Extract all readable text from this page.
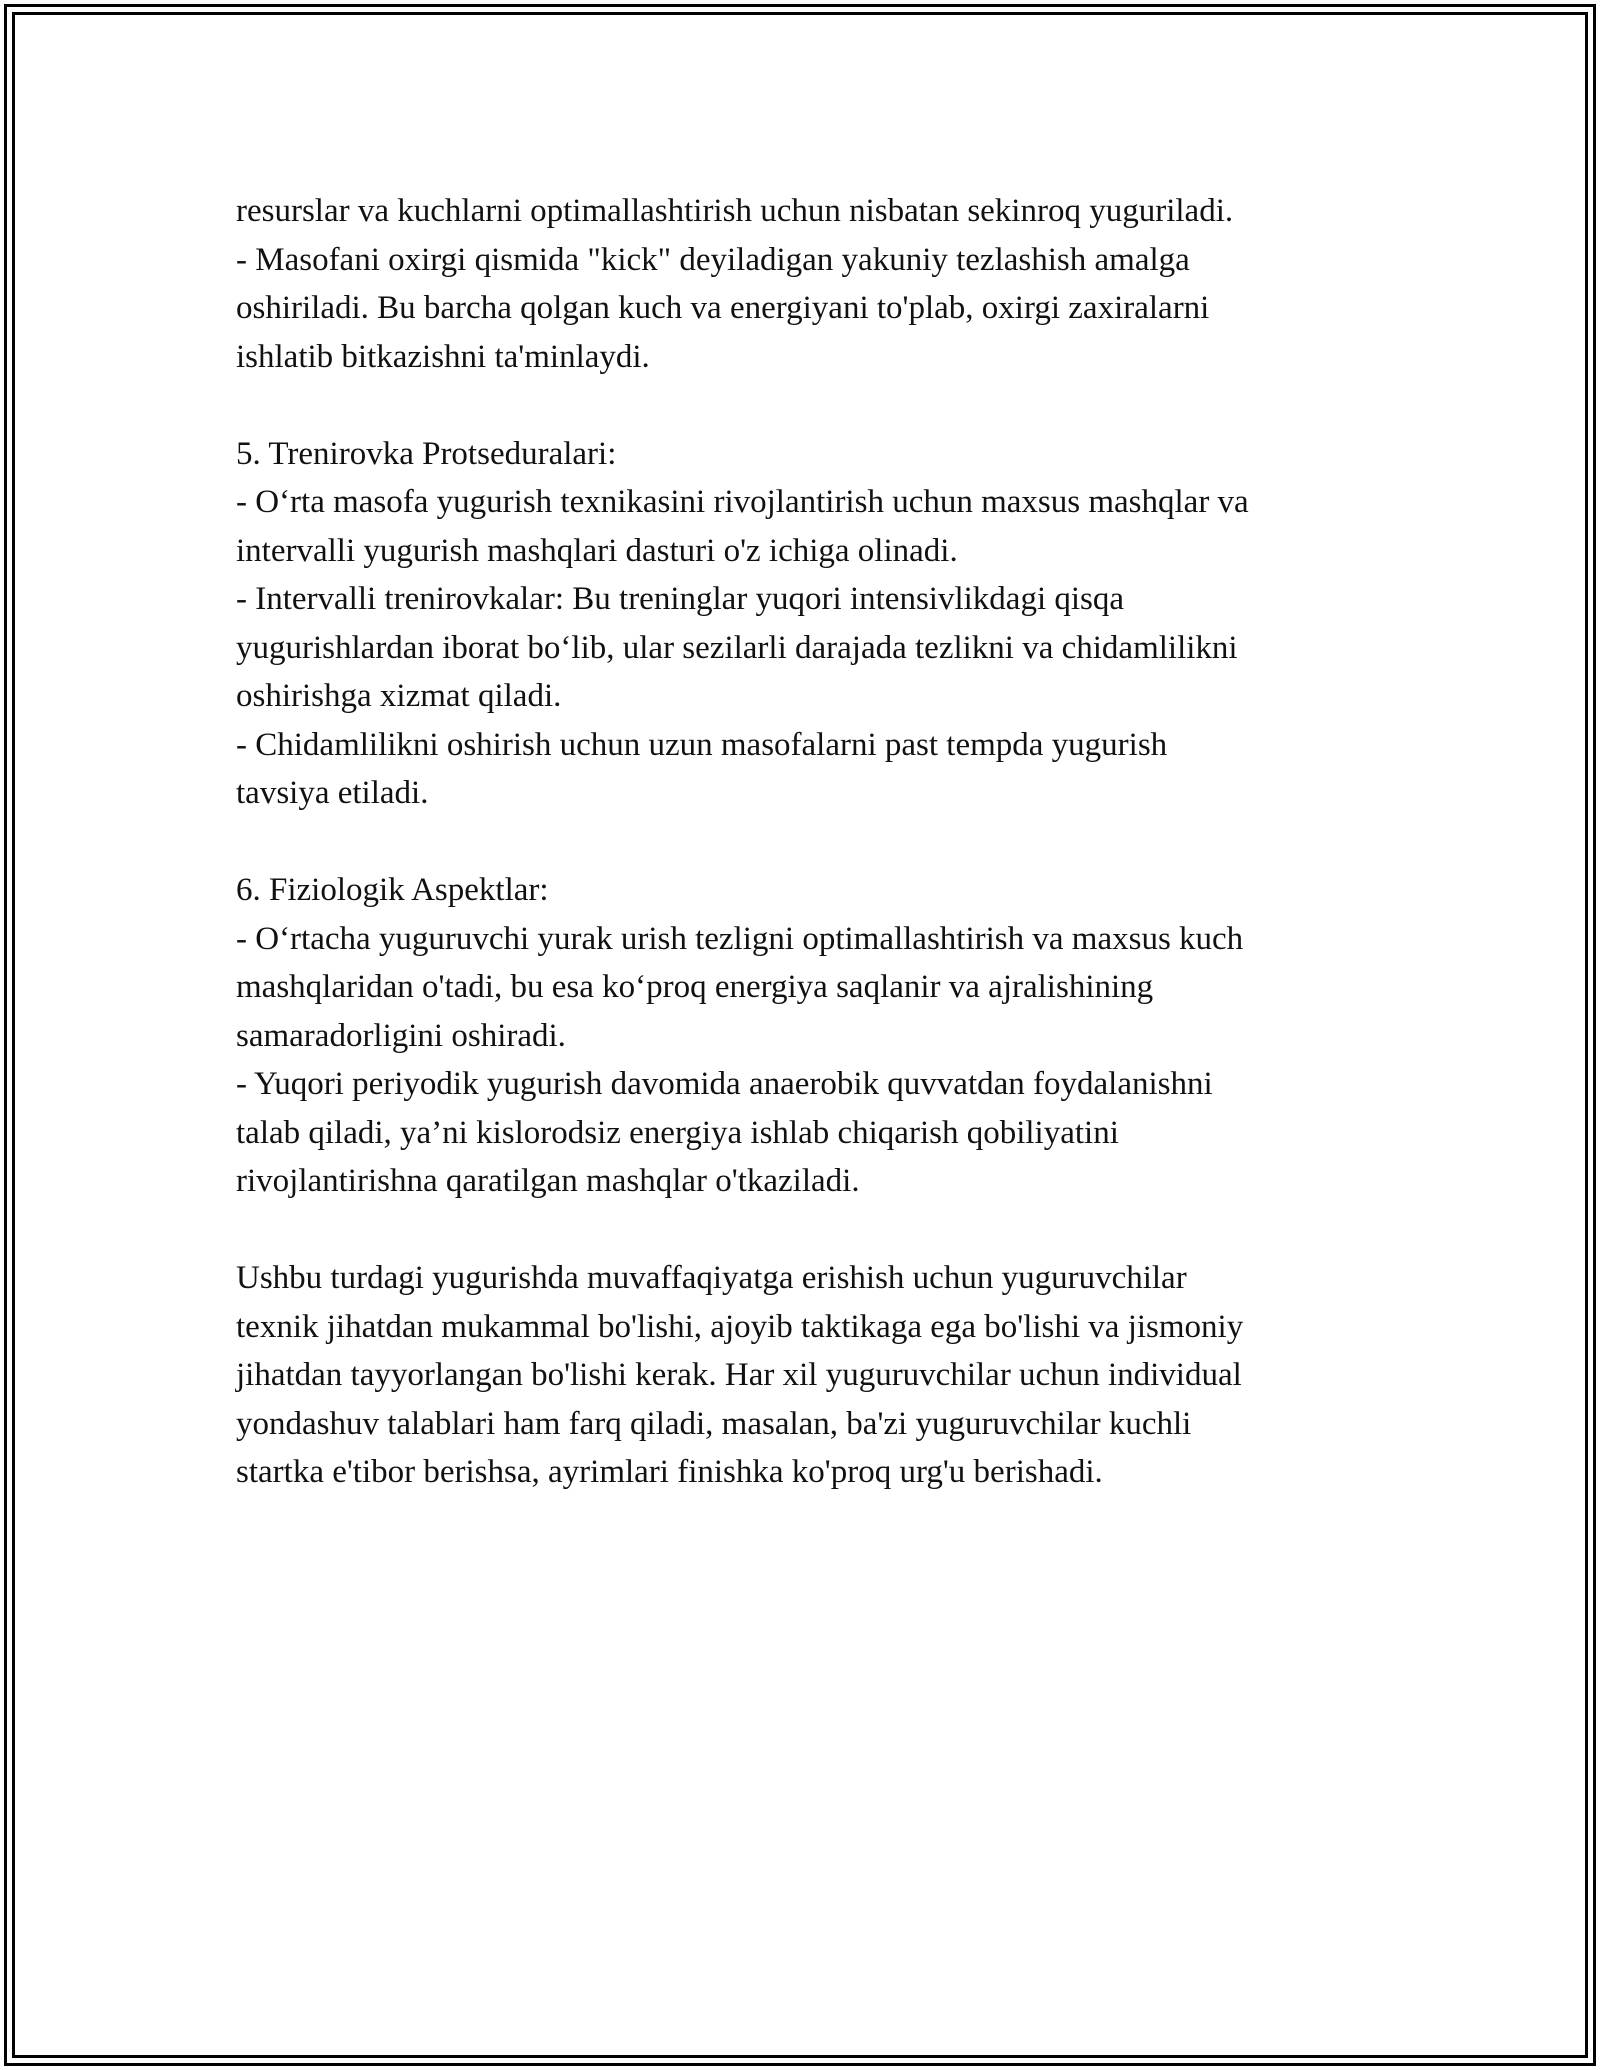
resurslar va kuchlarni optimallashtirish uchun nisbatan sekinroq yuguriladi.

- Masofani oxirgi qismida "kick" deyiladigan yakuniy tezlashish amalga

oshiriladi. Bu barcha qolgan kuch va energiyani to'plab, oxirgi zaxiralarni

ishlatib bitkazishni ta'minlaydi.

5. Trenirovka Protseduralari:

- Oʻrta masofa yugurish texnikasini rivojlantirish uchun maxsus mashqlar va

intervalli yugurish mashqlari dasturi o'z ichiga olinadi.

- Intervalli trenirovkalar: Bu treninglar yuqori intensivlikdagi qisqa

yugurishlardan iborat boʻlib, ular sezilarli darajada tezlikni va chidamlilikni

oshirishga xizmat qiladi.

- Chidamlilikni oshirish uchun uzun masofalarni past tempda yugurish

tavsiya etiladi.

6. Fiziologik Aspektlar:

- Oʻrtacha yuguruvchi yurak urish tezligni optimallashtirish va maxsus kuch

mashqlaridan o'tadi, bu esa koʻproq energiya saqlanir va ajralishining

samaradorligini oshiradi.

- Yuqori periyodik yugurish davomida anaerobik quvvatdan foydalanishni

talab qiladi, ya’ni kislorodsiz energiya ishlab chiqarish qobiliyatini

rivojlantirishna qaratilgan mashqlar o'tkaziladi.

Ushbu turdagi yugurishda muvaffaqiyatga erishish uchun yuguruvchilar

texnik jihatdan mukammal bo'lishi, ajoyib taktikaga ega bo'lishi va jismoniy

jihatdan tayyorlangan bo'lishi kerak. Har xil yuguruvchilar uchun individual

yondashuv talablari ham farq qiladi, masalan, ba'zi yuguruvchilar kuchli

startka e'tibor berishsa, ayrimlari finishka ko'proq urg'u berishadi.
